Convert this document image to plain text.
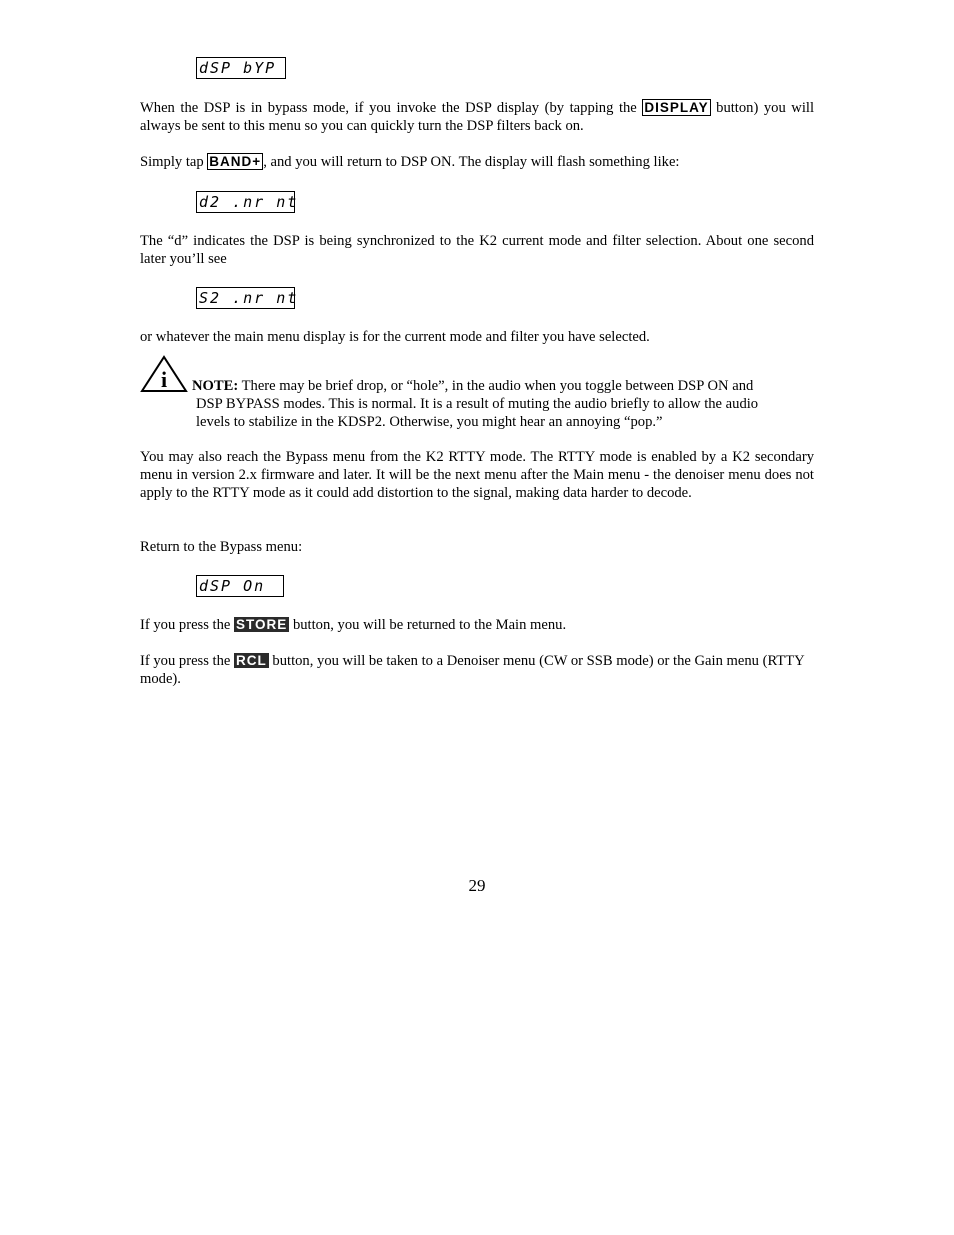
dSP bYP

When the DSP is in bypass mode, if you invoke the DSP display (by tapping the DISPLAY button) you will always be sent to this menu so you can quickly turn the DSP filters back on.

Simply tap BAND+ , and you will return to DSP ON. The display will flash something like:

d2 .nr nt

The “d” indicates the DSP is being synchronized to the K2 current mode and filter selection. About one second later you’ll see

S2 .nr nt

or whatever the main menu display is for the current mode and filter you have selected.

i NOTE: There may be brief drop, or “hole”, in the audio when you toggle between DSP ON and
DSP BYPASS modes. This is normal. It is a result of muting the audio briefly to allow the audio
levels to stabilize in the KDSP2. Otherwise, you might hear an annoying “pop.”

You may also reach the Bypass menu from the K2 RTTY mode. The RTTY mode is enabled by a K2 secondary menu in version 2.x firmware and later. It will be the next menu after the Main menu - the denoiser menu does not apply to the RTTY mode as it could add distortion to the signal, making data harder to decode.

Return to the Bypass menu:

dSP On

If you press the STORE button, you will be returned to the Main menu.

If you press the RCL button, you will be taken to a Denoiser menu (CW or SSB mode) or the Gain menu (RTTY mode).

29
